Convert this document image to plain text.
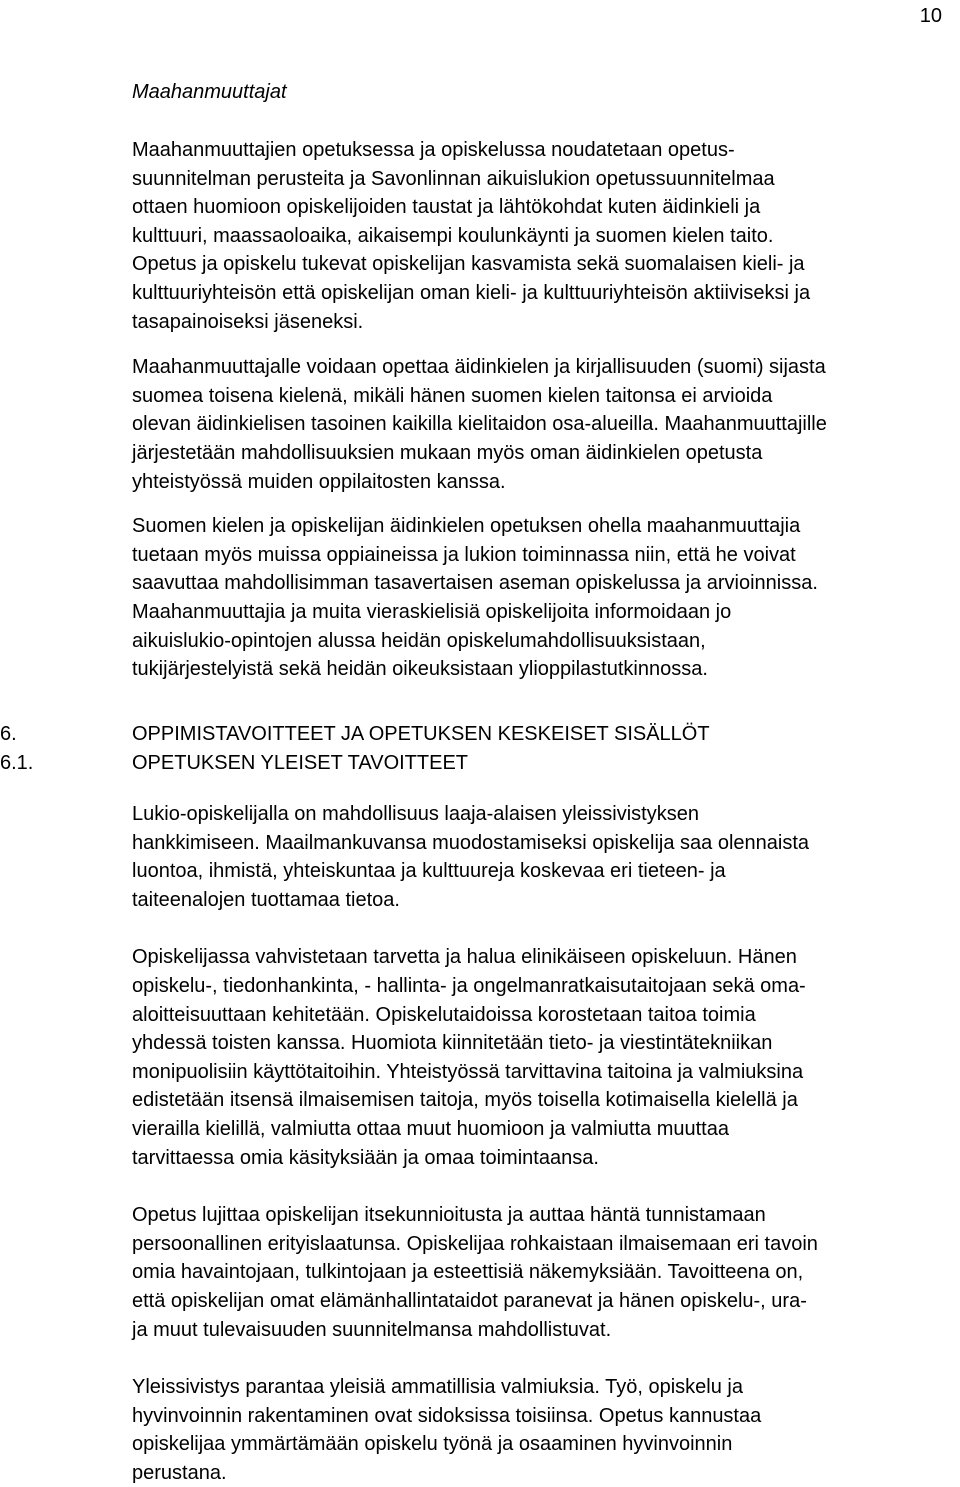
10

Maahanmuuttajat

Maahanmuuttajien opetuksessa ja opiskelussa noudatetaan opetus-
suunnitelman perusteita ja Savonlinnan aikuislukion opetussuunnitelmaa
ottaen huomioon opiskelijoiden taustat ja lähtökohdat kuten äidinkieli ja
kulttuuri, maassaoloaika, aikaisempi koulunkäynti ja suomen kielen taito.
Opetus ja opiskelu tukevat opiskelijan kasvamista sekä suomalaisen kieli- ja
kulttuuriyhteisön että opiskelijan oman kieli- ja kulttuuriyhteisön aktiiviseksi ja
tasapainoiseksi jäseneksi.

Maahanmuuttajalle voidaan opettaa äidinkielen ja kirjallisuuden (suomi) sijasta
suomea toisena kielenä, mikäli hänen suomen kielen taitonsa ei arvioida
olevan äidinkielisen tasoinen kaikilla kielitaidon osa-alueilla. Maahanmuuttajille
järjestetään mahdollisuuksien mukaan myös oman äidinkielen opetusta
yhteistyössä muiden oppilaitosten kanssa.

Suomen kielen ja opiskelijan äidinkielen opetuksen ohella maahanmuuttajia
tuetaan myös muissa oppiaineissa ja lukion toiminnassa niin, että he voivat
saavuttaa mahdollisimman tasavertaisen aseman opiskelussa ja arvioinnissa.
Maahanmuuttajia ja muita vieraskielisiä opiskelijoita informoidaan jo
aikuislukio-opintojen alussa heidän opiskelumahdollisuuksistaan,
tukijärjestelyistä sekä heidän oikeuksistaan ylioppilastutkinnossa.

6.	OPPIMISTAVOITTEET JA OPETUKSEN KESKEISET SISÄLLÖT
6.1.	OPETUKSEN YLEISET TAVOITTEET

Lukio-opiskelijalla on mahdollisuus laaja-alaisen yleissivistyksen
hankkimiseen. Maailmankuvansa muodostamiseksi opiskelija saa olennaista
luontoa, ihmistä, yhteiskuntaa ja kulttuureja koskevaa eri tieteen- ja
taiteenalojen tuottamaa tietoa.

Opiskelijassa vahvistetaan tarvetta ja halua elinikäiseen opiskeluun. Hänen
opiskelu-, tiedonhankinta, - hallinta- ja ongelmanratkaisutaitojaan sekä oma-
aloitteisuuttaan kehitetään. Opiskelutaidoissa korostetaan taitoa toimia
yhdessä toisten kanssa. Huomiota kiinnitetään tieto- ja viestintätekniikan
monipuolisiin käyttötaitoihin. Yhteistyössä tarvittavina taitoina ja valmiuksina
edistetään itsensä ilmaisemisen taitoja, myös toisella kotimaisella kielellä ja
vierailla kielillä, valmiutta ottaa muut huomioon ja valmiutta muuttaa
tarvittaessa omia käsityksiään ja omaa toimintaansa.

Opetus lujittaa opiskelijan itsekunnioitusta ja auttaa häntä tunnistamaan
persoonallinen erityislaatunsa. Opiskelijaa rohkaistaan ilmaisemaan eri tavoin
omia havaintojaan, tulkintojaan ja esteettisiä näkemyksiään. Tavoitteena on,
että opiskelijan omat elämänhallintataidot paranevat ja hänen opiskelu-, ura-
ja muut tulevaisuuden suunnitelmansa mahdollistuvat.

Yleissivistys parantaa yleisiä ammatillisia valmiuksia. Työ, opiskelu ja
hyvinvoinnin rakentaminen ovat sidoksissa toisiinsa. Opetus kannustaa
opiskelijaa ymmärtämään opiskelu työnä ja osaaminen hyvinvoinnin
perustana.
